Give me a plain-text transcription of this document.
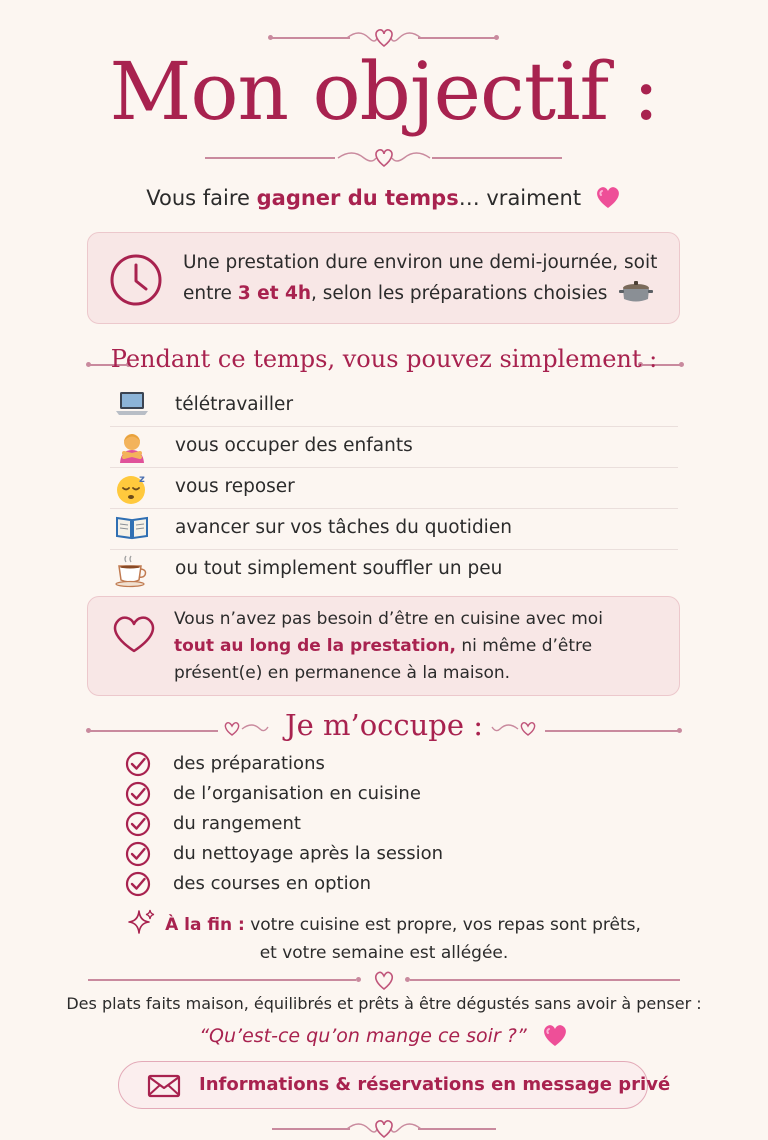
Mon objectif :
Vous faire gagner du temps… vraiment
Une prestation dure environ une demi-journée, soit
entre 3 et 4h, selon les préparations choisies
Pendant ce temps, vous pouvez simplement :
télétravailler
vous occuper des enfants
z vous reposer
avancer sur vos tâches du quotidien
ou tout simplement souffler un peu
Vous n’avez pas besoin d’être en cuisine avec moi
tout au long de la prestation, ni même d’être
présent(e) en permanence à la maison.
Je m’occupe :
des préparations
de l’organisation en cuisine
du rangement
du nettoyage après la session
des courses en option
À la fin : votre cuisine est propre, vos repas sont prêts,
et votre semaine est allégée.
Des plats faits maison, équilibrés et prêts à être dégustés sans avoir à penser :
“Qu’est-ce qu’on mange ce soir ?”
Informations & réservations en message privé
